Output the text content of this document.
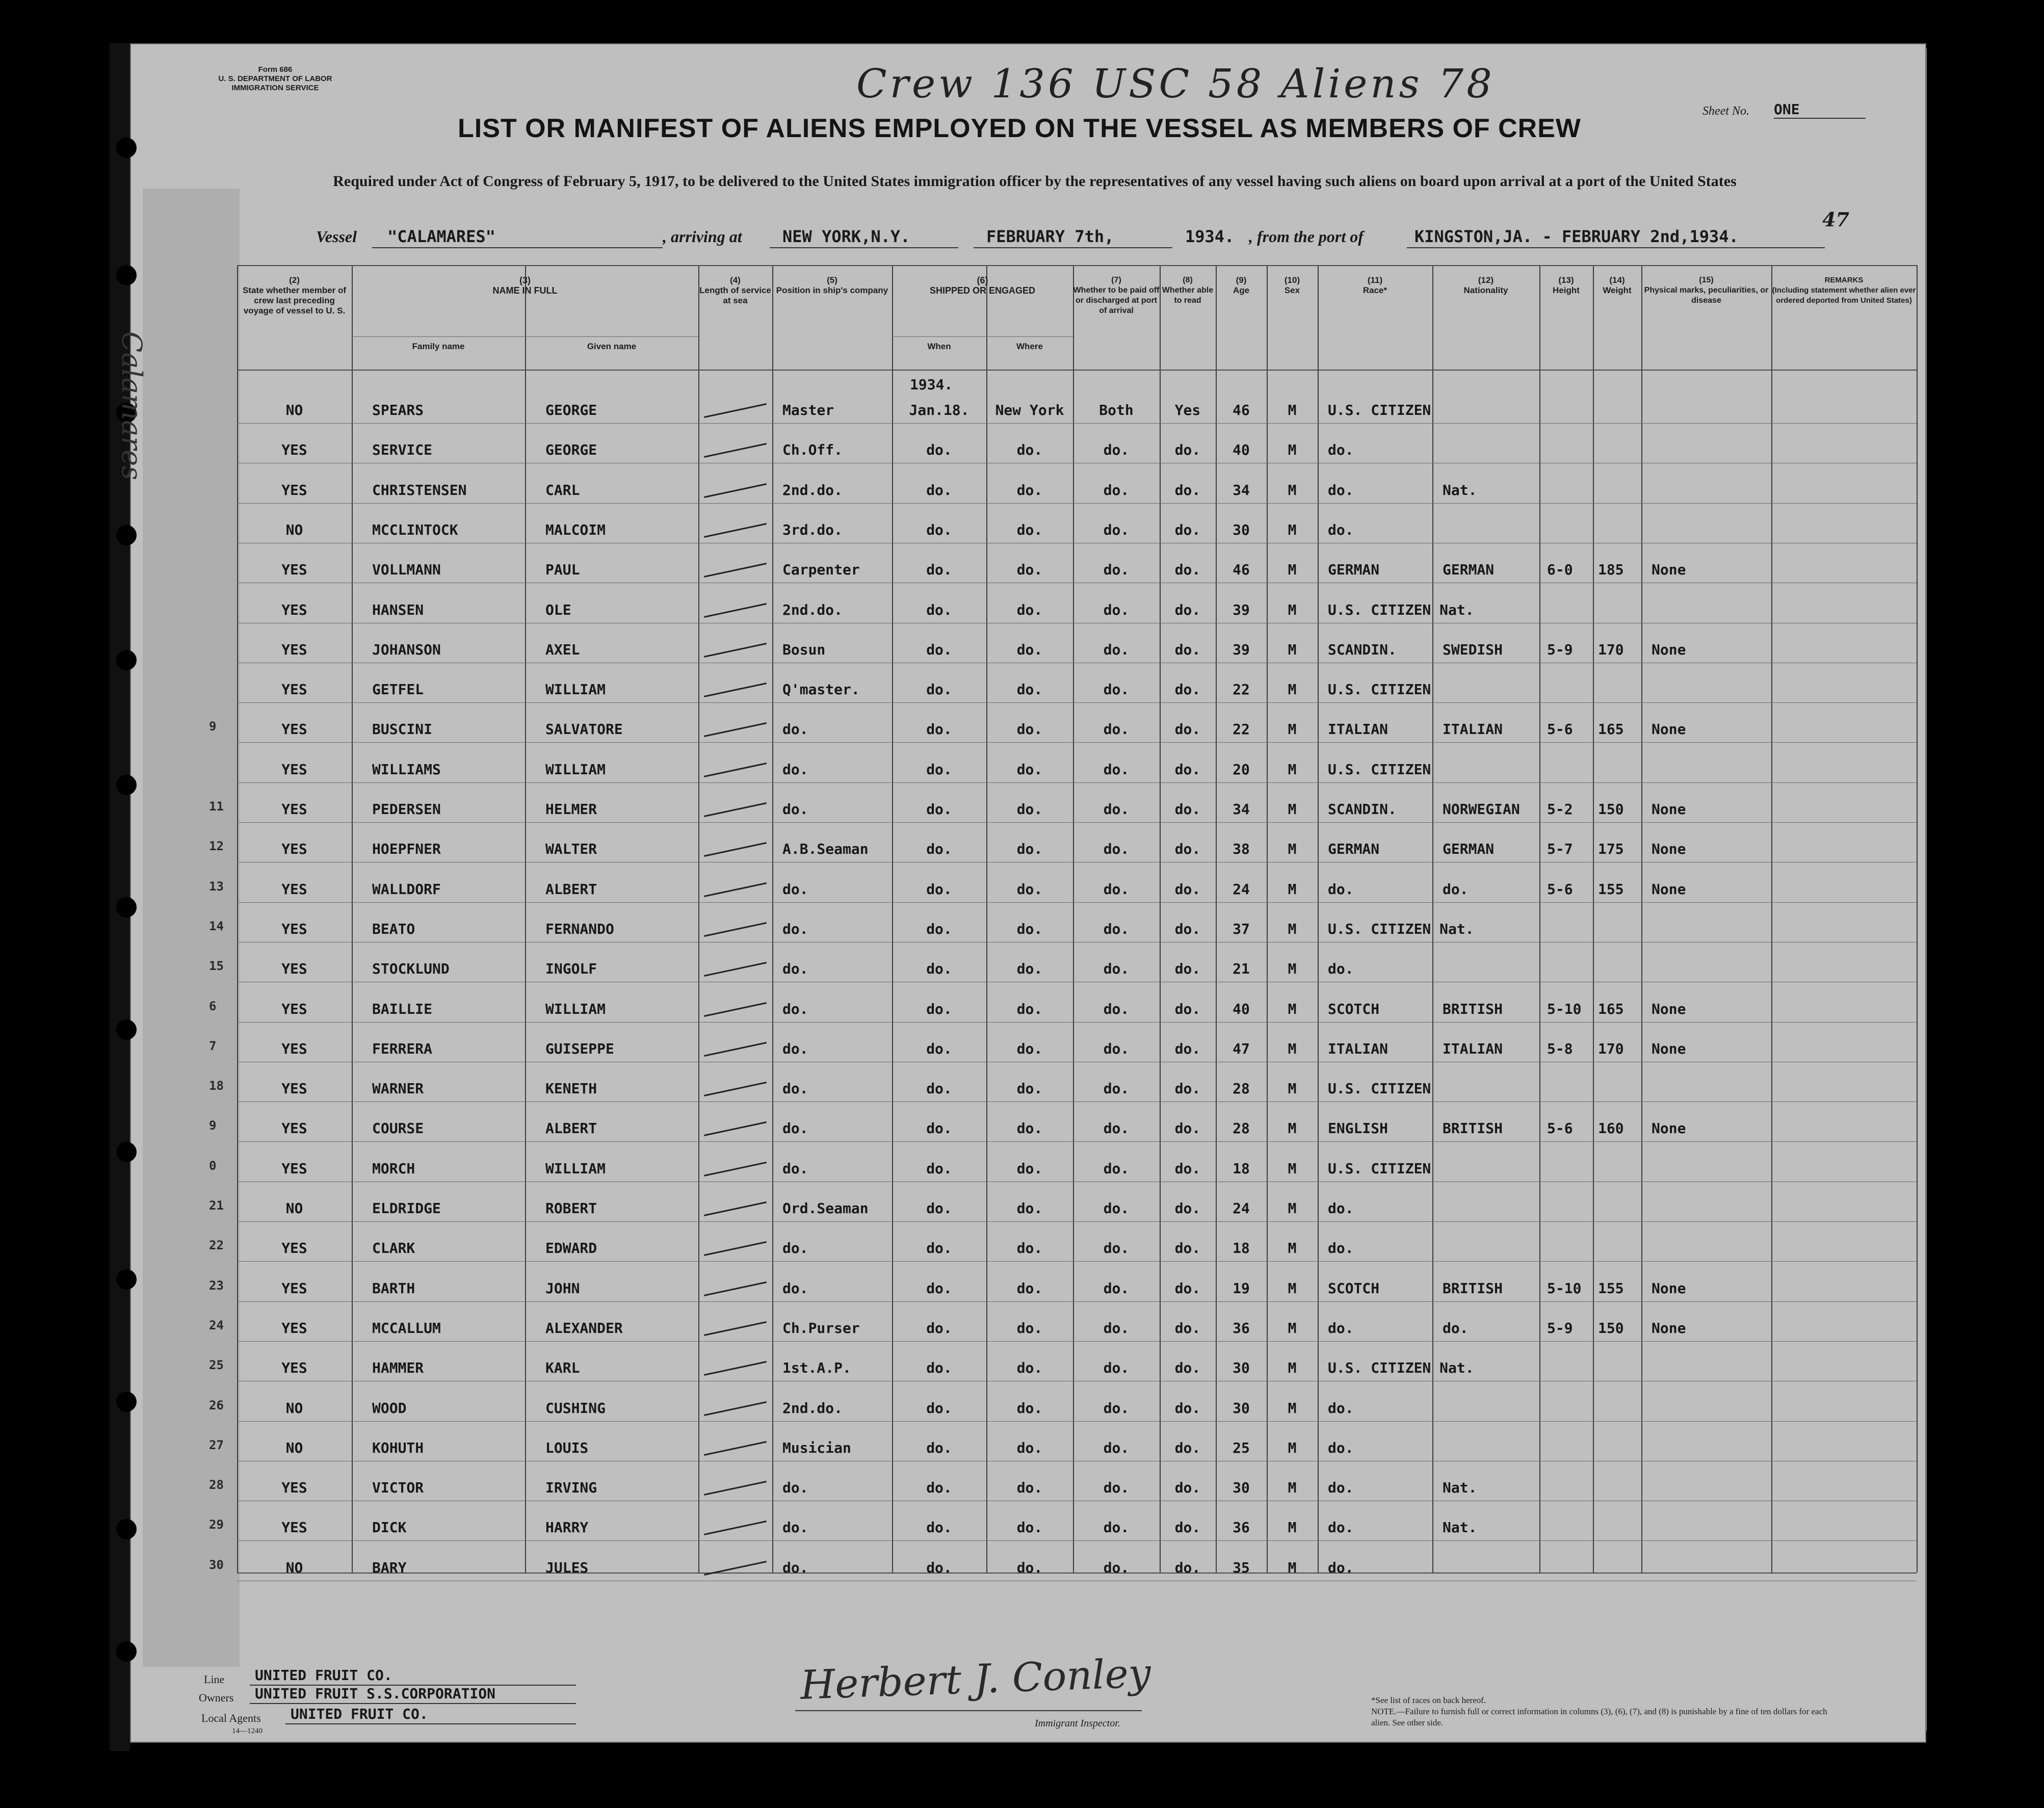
Form 686
U. S. DEPARTMENT OF LABOR
IMMIGRATION SERVICE	Crew 136 USC 58 Aliens 78
LIST OR MANIFEST OF ALIENS EMPLOYED ON THE VESSEL AS MEMBERS OF CREW
Required under Act of Congress of February 5, 1917, to be delivered to the United States immigration officer by the representatives of any vessel having such aliens on board upon arrival at a port of the United States
Sheet No. ONE
47
Vessel "CALAMARES"	, arriving at NEW YORK,N.Y.	FEBRUARY 7th,	1934. , from the port of	KINGSTON,JA. - FEBRUARY 2nd,1934.
(2)
State whether member of crew last preceding voyage of vessel to U. S.
(3)
NAME IN FULL
Family name	Given name
(4)
Length of service at sea
(5)
Position in ship's company
(6)
SHIPPED OR ENGAGED
When	Where
(7)
Whether to be paid off or discharged at port of arrival
(8)
Whether able to read
(9)
Age
(10)
Sex
(11)
Race*
(12)
Nationality
(13)
Height
(14)
Weight
(15)
Physical marks, peculiarities, or disease
REMARKS
(Including statement whether alien ever ordered deported from United States)
1934.
NO	SPEARS	GEORGE	Master	Jan.18.	New York	Both	Yes	46	M	U.S. CITIZEN
YES	SERVICE	GEORGE	Ch.Off.	do.	do.	do.	do.	40	M	do.
YES	CHRISTENSEN	CARL	2nd.do.	do.	do.	do.	do.	34	M	do.	Nat.
NO	MCCLINTOCK	MALCOIM	3rd.do.	do.	do.	do.	do.	30	M	do.
YES	VOLLMANN	PAUL	Carpenter	do.	do.	do.	do.	46	M	GERMAN	GERMAN	6-0 185 None
YES	HANSEN	OLE	2nd.do.	do.	do.	do.	do.	39	M	U.S. CITIZEN Nat.
YES	JOHANSON	AXEL	Bosun	do.	do.	do.	do.	39	M	SCANDIN.	SWEDISH	5-9 170 None
YES	GETFEL	WILLIAM	Q'master.	do.	do.	do.	do.	22	M	U.S. CITIZEN
YES	BUSCINI	SALVATORE	do.	do.	do.	do.	do.	22	M	ITALIAN	ITALIAN	5-6 165 None
9
YES	WILLIAMS	WILLIAM	do.	do.	do.	do.	do.	20	M	U.S. CITIZEN
YES	PEDERSEN	HELMER	do.	do.	do.	do.	do.	34	M	SCANDIN.	NORWEGIAN 5-2 150 None
11
YES	HOEPFNER	WALTER	A.B.Seaman	do.	do.	do.	do.	38	M	GERMAN	GERMAN	5-7 175 None
12
YES	WALLDORF	ALBERT	do.	do.	do.	do.	do.	24	M	do.	do.	5-6 155 None
13
YES	BEATO	FERNANDO	do.	do.	do.	do.	do.	37	M	U.S. CITIZEN Nat.
14
YES	STOCKLUND	INGOLF	do.	do.	do.	do.	do.	21	M	do.
15
YES	BAILLIE	WILLIAM	do.	do.	do.	do.	do.	40	M	SCOTCH	BRITISH	5-10 165 None
6
YES	FERRERA	GUISEPPE	do.	do.	do.	do.	do.	47	M	ITALIAN	ITALIAN	5-8 170 None
7
YES	WARNER	KENETH	do.	do.	do.	do.	do.	28	M	U.S. CITIZEN
18
YES	COURSE	ALBERT	do.	do.	do.	do.	do.	28	M	ENGLISH	BRITISH	5-6 160 None
9
YES	MORCH	WILLIAM	do.	do.	do.	do.	do.	18	M	U.S. CITIZEN
0
NO	ELDRIDGE	ROBERT	Ord.Seaman	do.	do.	do.	do.	24	M	do.
21
YES	CLARK	EDWARD	do.	do.	do.	do.	do.	18	M	do.
22
YES	BARTH	JOHN	do.	do.	do.	do.	do.	19	M	SCOTCH	BRITISH	5-10 155 None
23
YES	MCCALLUM	ALEXANDER	Ch.Purser	do.	do.	do.	do.	36	M	do.	do.	5-9 150 None
24
YES	HAMMER	KARL	1st.A.P.	do.	do.	do.	do.	30	M	U.S. CITIZEN Nat.
25
NO	WOOD	CUSHING	2nd.do.	do.	do.	do.	do.	30	M	do.
26
NO	KOHUTH	LOUIS	Musician	do.	do.	do.	do.	25	M	do.
27
YES	VICTOR	IRVING	do.	do.	do.	do.	do.	30	M	do.	Nat.
28
YES	DICK	HARRY	do.	do.	do.	do.	do.	36	M	do.	Nat.
29
NO	BARY	JULES	do.	do.	do.	do.	do.	35	M	do.
30
Line UNITED FRUIT CO.
Owners UNITED FRUIT S.S.CORPORATION
Local Agents UNITED FRUIT CO.
14—1240
Herbert J. Conley
Immigrant Inspector.
*See list of races on back hereof.
NOTE.—Failure to furnish full or correct information in columns (3), (6), (7), and (8) is punishable by a fine of ten dollars for each alien. See other side.
Calamares
